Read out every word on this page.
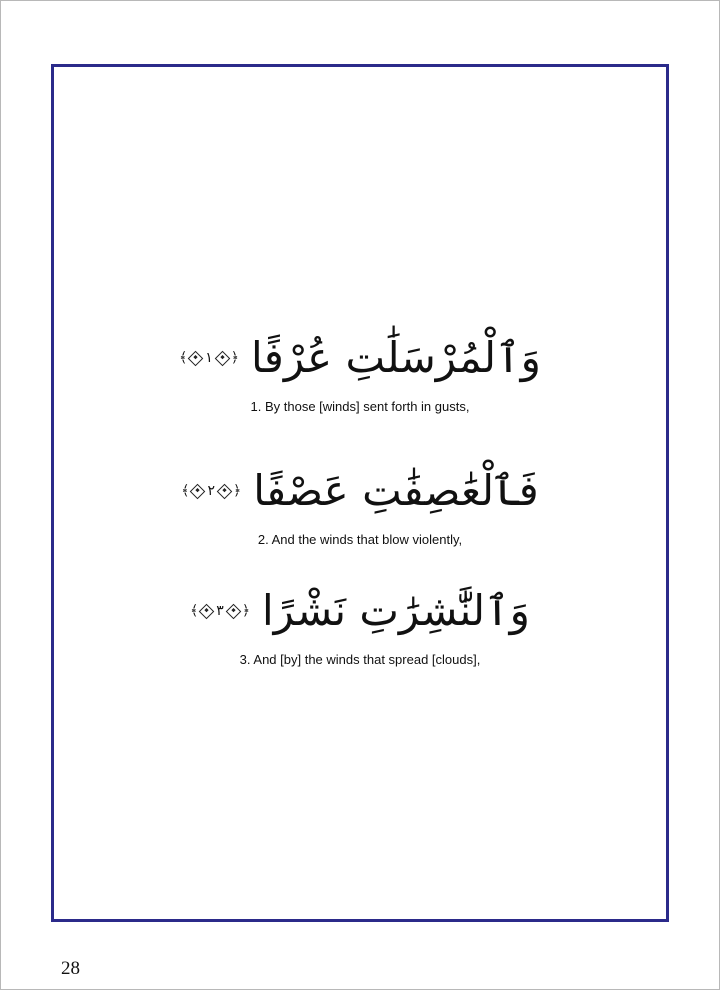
وَٱلْمُرْسَلَٰتِ عُرْفًا
﴿
١
﴾
1. By those [winds] sent forth in gusts,
فَٱلْعَٰصِفَٰتِ عَصْفًا
﴿
٢
﴾
2. And the winds that blow violently,
وَٱلنَّٰشِرَٰتِ نَشْرًا
﴿
٣
﴾
3. And [by] the winds that spread [clouds],
28
